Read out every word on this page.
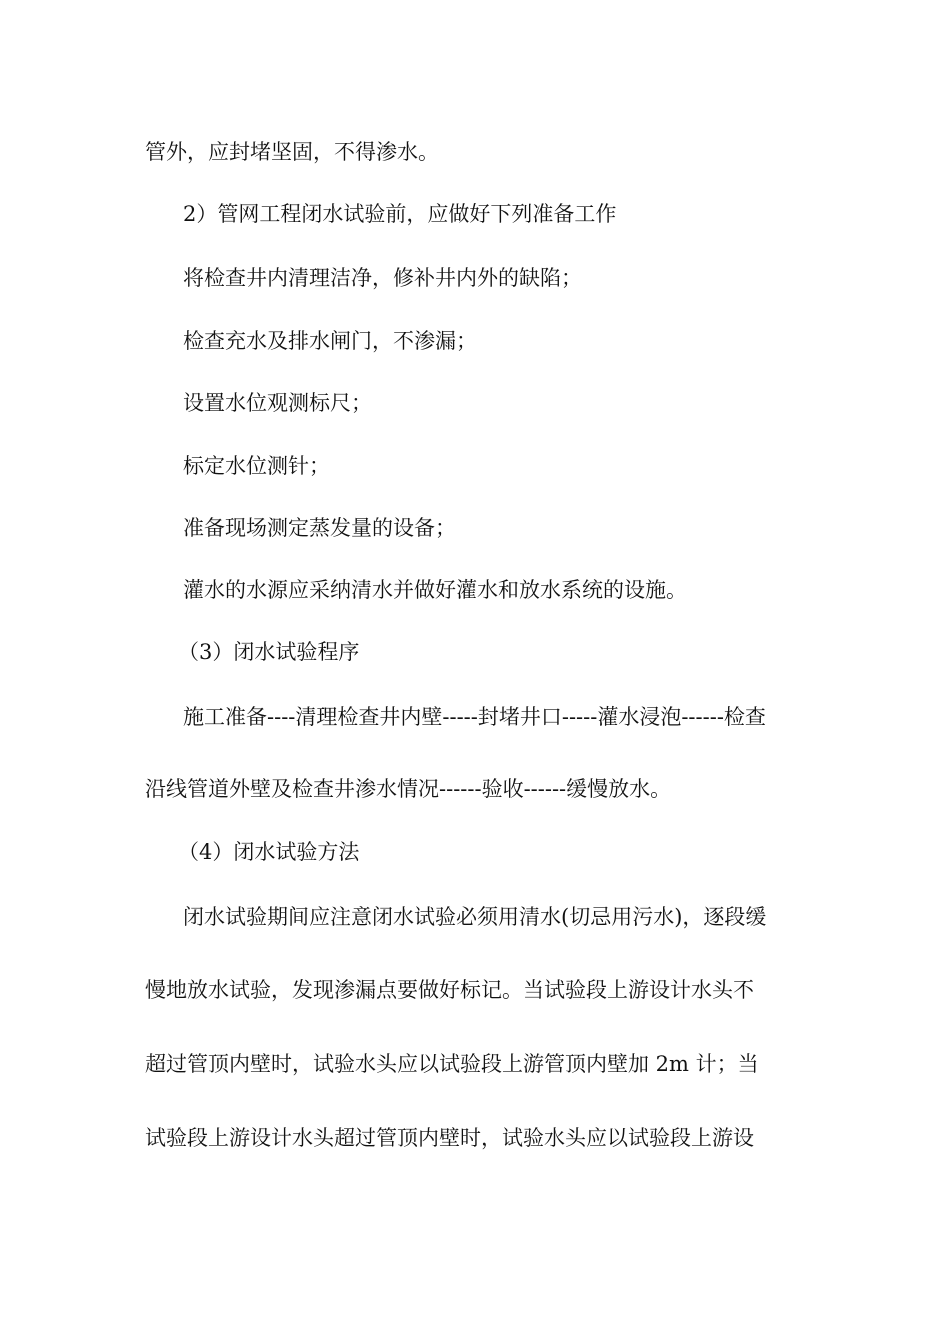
管外，应封堵坚固，不得渗水。
2）管网工程闭水试验前，应做好下列准备工作
将检查井内清理洁净，修补井内外的缺陷；
检查充水及排水闸门，不渗漏；
设置水位观测标尺；
标定水位测针；
准备现场测定蒸发量的设备；
灌水的水源应采纳清水并做好灌水和放水系统的设施。
（3）闭水试验程序
施工准备----清理检查井内壁-----封堵井口-----灌水浸泡------检查
沿线管道外壁及检查井渗水情况------验收------缓慢放水。
（4）闭水试验方法
闭水试验期间应注意闭水试验必须用清水(切忌用污水)，逐段缓
慢地放水试验，发现渗漏点要做好标记。当试验段上游设计水头不
超过管顶内壁时，试验水头应以试验段上游管顶内壁加 2m 计；当
试验段上游设计水头超过管顶内壁时，试验水头应以试验段上游设
